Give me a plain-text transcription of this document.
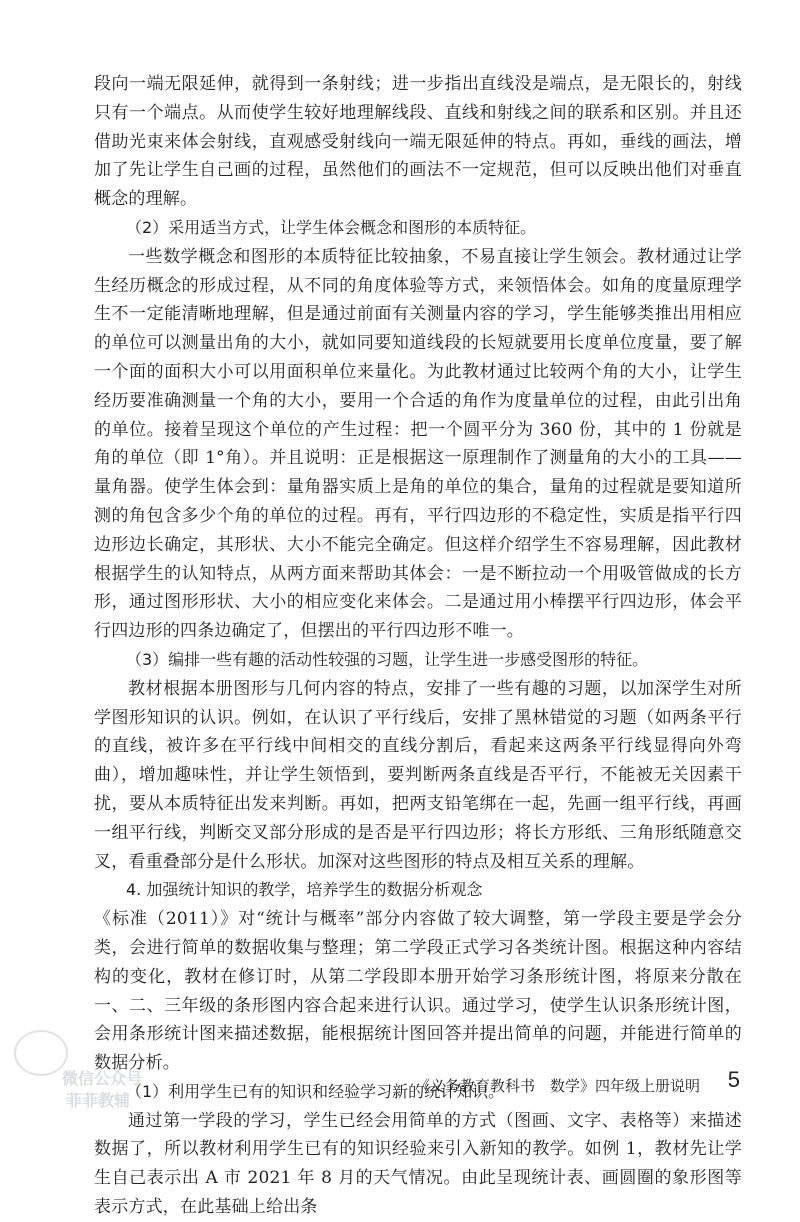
段向一端无限延伸，就得到一条射线；进一步指出直线没是端点，是无限长的，射线只有一个端点。从而使学生较好地理解线段、直线和射线之间的联系和区别。并且还借助光束来体会射线，直观感受射线向一端无限延伸的特点。再如，垂线的画法，增加了先让学生自己画的过程，虽然他们的画法不一定规范，但可以反映出他们对垂直概念的理解。

（2）采用适当方式，让学生体会概念和图形的本质特征。

一些数学概念和图形的本质特征比较抽象，不易直接让学生领会。教材通过让学生经历概念的形成过程，从不同的角度体验等方式，来领悟体会。如角的度量原理学生不一定能清晰地理解，但是通过前面有关测量内容的学习，学生能够类推出用相应的单位可以测量出角的大小，就如同要知道线段的长短就要用长度单位度量，要了解一个面的面积大小可以用面积单位来量化。为此教材通过比较两个角的大小，让学生经历要准确测量一个角的大小，要用一个合适的角作为度量单位的过程，由此引出角的单位。接着呈现这个单位的产生过程：把一个圆平分为 360 份，其中的 1 份就是角的单位（即 1°角）。并且说明：正是根据这一原理制作了测量角的大小的工具——量角器。使学生体会到：量角器实质上是角的单位的集合，量角的过程就是要知道所测的角包含多少个角的单位的过程。再有，平行四边形的不稳定性，实质是指平行四边形边长确定，其形状、大小不能完全确定。但这样介绍学生不容易理解，因此教材根据学生的认知特点，从两方面来帮助其体会：一是不断拉动一个用吸管做成的长方形，通过图形形状、大小的相应变化来体会。二是通过用小棒摆平行四边形，体会平行四边形的四条边确定了，但摆出的平行四边形不唯一。

（3）编排一些有趣的活动性较强的习题，让学生进一步感受图形的特征。

教材根据本册图形与几何内容的特点，安排了一些有趣的习题，以加深学生对所学图形知识的认识。例如，在认识了平行线后，安排了黑林错觉的习题（如两条平行的直线，被许多在平行线中间相交的直线分割后，看起来这两条平行线显得向外弯曲），增加趣味性，并让学生领悟到，要判断两条直线是否平行，不能被无关因素干扰，要从本质特征出发来判断。再如，把两支铅笔绑在一起，先画一组平行线，再画一组平行线，判断交叉部分形成的是否是平行四边形；将长方形纸、三角形纸随意交叉，看重叠部分是什么形状。加深对这些图形的特点及相互关系的理解。

4. 加强统计知识的教学，培养学生的数据分析观念

《标准（2011）》对“统计与概率”部分内容做了较大调整，第一学段主要是学会分类，会进行简单的数据收集与整理；第二学段正式学习各类统计图。根据这种内容结构的变化，教材在修订时，从第二学段即本册开始学习条形统计图，将原来分散在一、二、三年级的条形图内容合起来进行认识。通过学习，使学生认识条形统计图，会用条形统计图来描述数据，能根据统计图回答并提出简单的问题，并能进行简单的数据分析。

（1）利用学生已有的知识和经验学习新的统计知识。

通过第一学段的学习，学生已经会用简单的方式（图画、文字、表格等）来描述数据了，所以教材利用学生已有的知识经验来引入新知的教学。如例 1，教材先让学生自己表示出 A 市 2021 年 8 月的天气情况。由此呈现统计表、画圆圈的象形图等表示方式，在此基础上给出条

微信公众号
菲菲教辅
《义务教育教科书　数学》四年级上册说明 5
